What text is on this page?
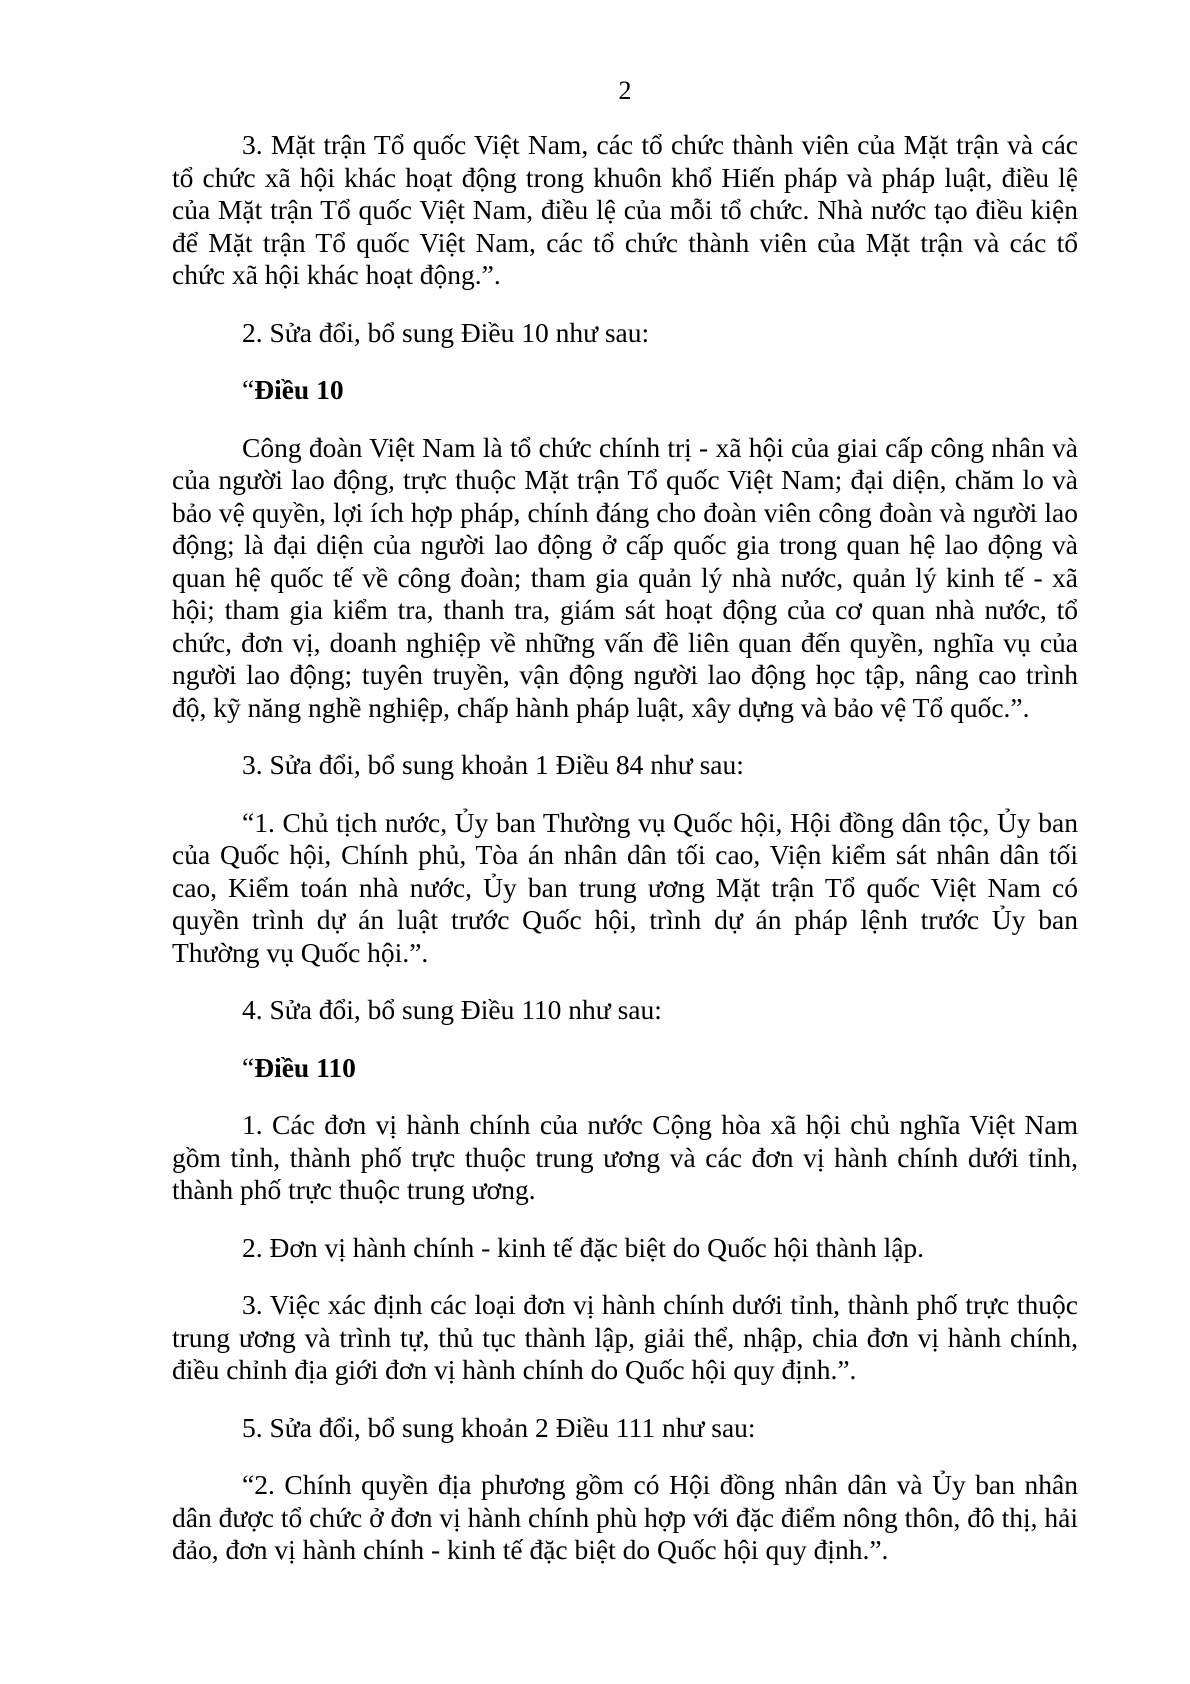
2

3. Mặt trận Tổ quốc Việt Nam, các tổ chức thành viên của Mặt trận và các tổ chức xã hội khác hoạt động trong khuôn khổ Hiến pháp và pháp luật, điều lệ của Mặt trận Tổ quốc Việt Nam, điều lệ của mỗi tổ chức. Nhà nước tạo điều kiện để Mặt trận Tổ quốc Việt Nam, các tổ chức thành viên của Mặt trận và các tổ chức xã hội khác hoạt động.”.

2. Sửa đổi, bổ sung Điều 10 như sau:

“Điều 10

Công đoàn Việt Nam là tổ chức chính trị - xã hội của giai cấp công nhân và của người lao động, trực thuộc Mặt trận Tổ quốc Việt Nam; đại diện, chăm lo và bảo vệ quyền, lợi ích hợp pháp, chính đáng cho đoàn viên công đoàn và người lao động; là đại diện của người lao động ở cấp quốc gia trong quan hệ lao động và quan hệ quốc tế về công đoàn; tham gia quản lý nhà nước, quản lý kinh tế - xã hội; tham gia kiểm tra, thanh tra, giám sát hoạt động của cơ quan nhà nước, tổ chức, đơn vị, doanh nghiệp về những vấn đề liên quan đến quyền, nghĩa vụ của người lao động; tuyên truyền, vận động người lao động học tập, nâng cao trình độ, kỹ năng nghề nghiệp, chấp hành pháp luật, xây dựng và bảo vệ Tổ quốc.”.

3. Sửa đổi, bổ sung khoản 1 Điều 84 như sau:

“1. Chủ tịch nước, Ủy ban Thường vụ Quốc hội, Hội đồng dân tộc, Ủy ban của Quốc hội, Chính phủ, Tòa án nhân dân tối cao, Viện kiểm sát nhân dân tối cao, Kiểm toán nhà nước, Ủy ban trung ương Mặt trận Tổ quốc Việt Nam có quyền trình dự án luật trước Quốc hội, trình dự án pháp lệnh trước Ủy ban Thường vụ Quốc hội.”.

4. Sửa đổi, bổ sung Điều 110 như sau:

“Điều 110

1. Các đơn vị hành chính của nước Cộng hòa xã hội chủ nghĩa Việt Nam gồm tỉnh, thành phố trực thuộc trung ương và các đơn vị hành chính dưới tỉnh, thành phố trực thuộc trung ương.

2. Đơn vị hành chính - kinh tế đặc biệt do Quốc hội thành lập.

3. Việc xác định các loại đơn vị hành chính dưới tỉnh, thành phố trực thuộc trung ương và trình tự, thủ tục thành lập, giải thể, nhập, chia đơn vị hành chính, điều chỉnh địa giới đơn vị hành chính do Quốc hội quy định.”.

5. Sửa đổi, bổ sung khoản 2 Điều 111 như sau:

“2. Chính quyền địa phương gồm có Hội đồng nhân dân và Ủy ban nhân dân được tổ chức ở đơn vị hành chính phù hợp với đặc điểm nông thôn, đô thị, hải đảo, đơn vị hành chính - kinh tế đặc biệt do Quốc hội quy định.”.
